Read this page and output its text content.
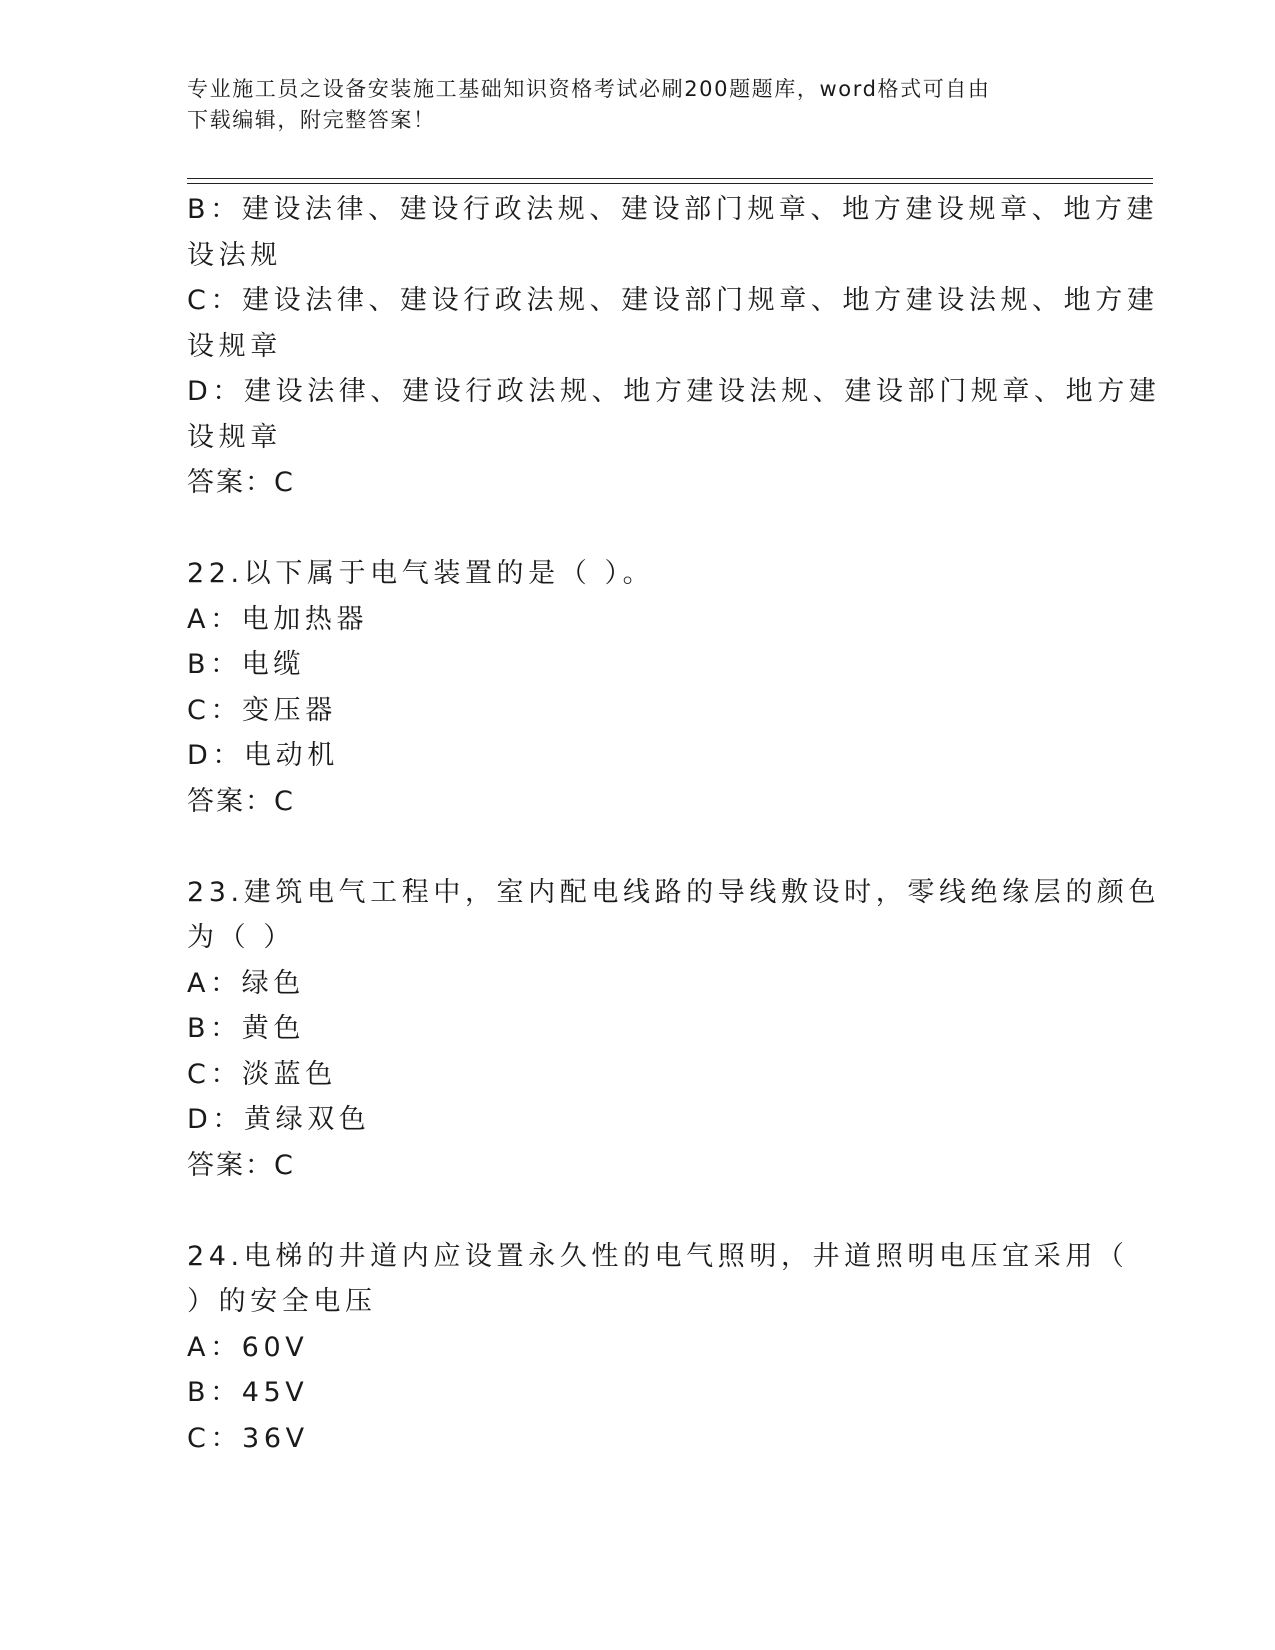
专业施工员之设备安装施工基础知识资格考试必刷200题题库，word格式可自由
下载编辑，附完整答案！

B：建设法律、建设行政法规、建设部门规章、地方建设规章、地方建

设法规

C：建设法律、建设行政法规、建设部门规章、地方建设法规、地方建

设规章

D：建设法律、建设行政法规、地方建设法规、建设部门规章、地方建

设规章

答案：C

22.以下属于电气装置的是（ ）。

A：电加热器

B：电缆

C：变压器

D：电动机

答案：C

23.建筑电气工程中，室内配电线路的导线敷设时，零线绝缘层的颜色

为（ ）

A：绿色

B：黄色

C：淡蓝色

D：黄绿双色

答案：C

24.电梯的井道内应设置永久性的电气照明，井道照明电压宜采用（

）的安全电压

A：60V

B：45V

C：36V
